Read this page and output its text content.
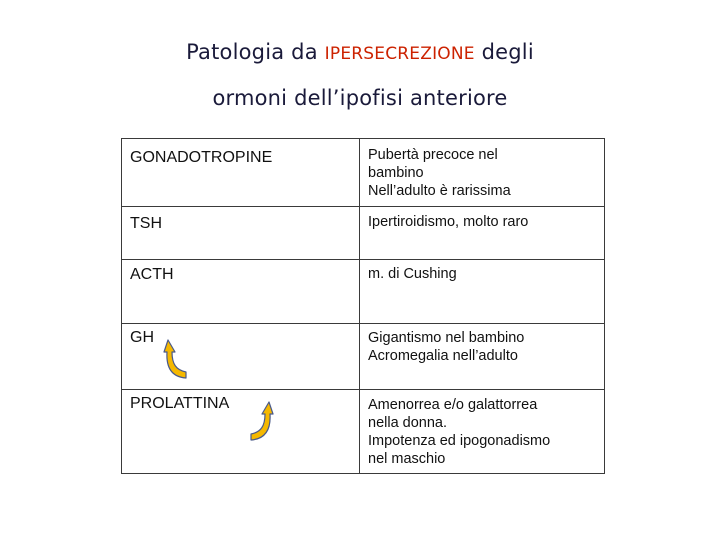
Patologia da IPERSECREZIONE degli
ormoni dell’ipofisi anteriore
GONADOTROPINE	Pubertà precoce nel
bambino
Nell’adulto è rarissima

TSH	Ipertiroidismo, molto raro

ACTH	m. di Cushing

GH	Gigantismo nel bambino
Acromegalia nell’adulto

PROLATTINA	Amenorrea e/o galattorrea
nella donna.
Impotenza ed ipogonadismo
nel maschio
